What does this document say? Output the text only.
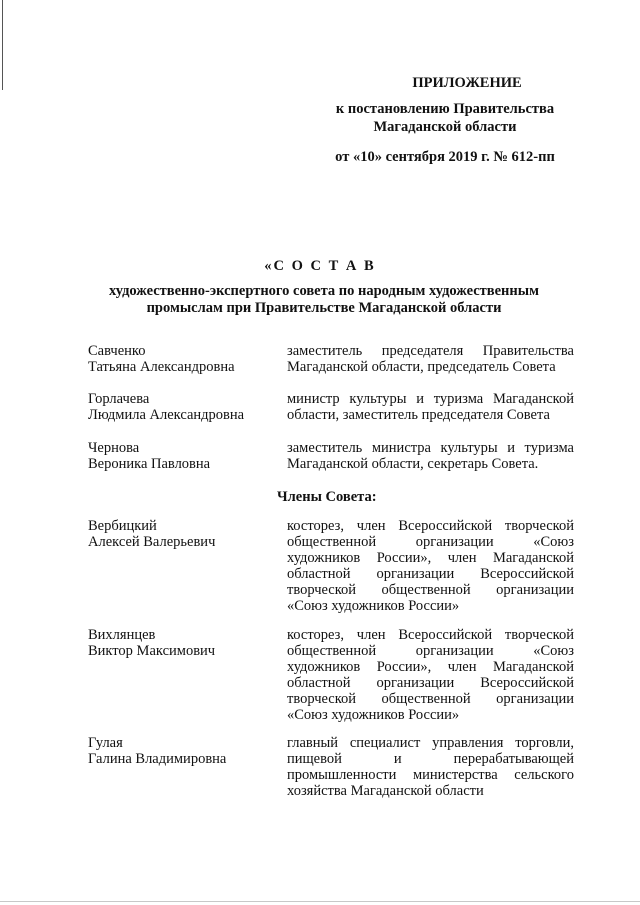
ПРИЛОЖЕНИЕ
к постановлению Правительства
Магаданской области
от «10» сентября 2019 г. № 612-пп
«С О С Т А В
художественно-экспертного совета по народным художественным
промыслам при Правительстве Магаданской области
Савченко
Татьяна Александровна
заместитель председателя Правительства Магаданской области, председатель Совета
Горлачева
Людмила Александровна
министр культуры и туризма Магаданской области, заместитель председателя Совета
Чернова
Вероника Павловна
заместитель министра культуры и туризма Магаданской области, секретарь Совета.
Члены Совета:
Вербицкий
Алексей Валерьевич
косторез, член Всероссийской творческой общественной организации «Союз художников России», член Магаданской областной организации Всероссийской творческой общественной организации «Союз художников России»
Вихлянцев
Виктор Максимович
косторез, член Всероссийской творческой общественной организации «Союз художников России», член Магаданской областной организации Всероссийской творческой общественной организации «Союз художников России»
Гулая
Галина Владимировна
главный специалист управления торговли, пищевой и перерабатывающей промышленности министерства сельского хозяйства Магаданской области
